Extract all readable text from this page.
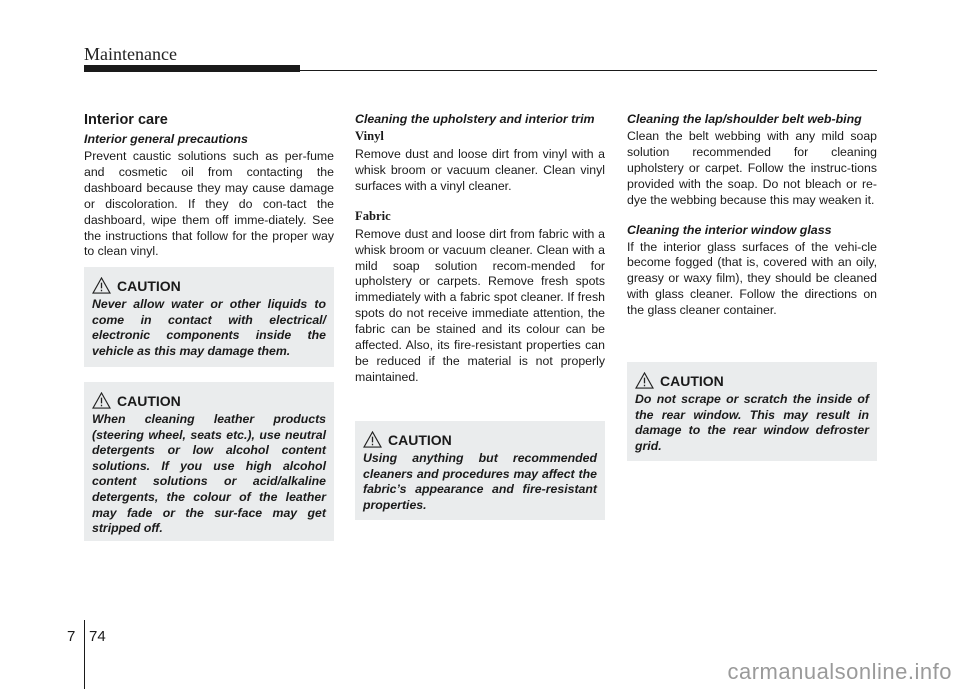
Maintenance
Interior care
Interior general precautions

Prevent caustic solutions such as per-fume and cosmetic oil from contacting the dashboard because they may cause damage or discoloration. If they do con-tact the dashboard, wipe them off imme-diately. See the instructions that follow for the proper way to clean vinyl.

Cleaning the upholstery and interior trim
Vinyl

Remove dust and loose dirt from vinyl with a whisk broom or vacuum cleaner. Clean vinyl surfaces with a vinyl cleaner.

Fabric

Remove dust and loose dirt from fabric with a whisk broom or vacuum cleaner. Clean with a mild soap solution recom-mended for upholstery or carpets. Remove fresh spots immediately with a fabric spot cleaner. If fresh spots do not receive immediate attention, the fabric can be stained and its colour can be affected. Also, its fire-resistant properties can be reduced if the material is not properly maintained.

Cleaning the lap/shoulder belt web-bing

Clean the belt webbing with any mild soap solution recommended for cleaning upholstery or carpet. Follow the instruc-tions provided with the soap. Do not bleach or re-dye the webbing because this may weaken it.

Cleaning the interior window glass

If the interior glass surfaces of the vehi-cle become fogged (that is, covered with an oily, greasy or waxy film), they should be cleaned with glass cleaner. Follow the directions on the glass cleaner container.

CAUTION
Never allow water or other liquids to come in contact with electrical/ electronic components inside the vehicle as this may damage them.
CAUTION
When cleaning leather products (steering wheel, seats etc.), use neutral detergents or low alcohol content solutions. If you use high alcohol content solutions or acid/alkaline detergents, the colour of the leather may fade or the sur-face may get stripped off.
CAUTION
Using anything but recommended cleaners and procedures may affect the fabric’s appearance and fire-resistant properties.
CAUTION
Do not scrape or scratch the inside of the rear window. This may result in damage to the rear window defroster grid.
7 74
carmanualsonline.info
